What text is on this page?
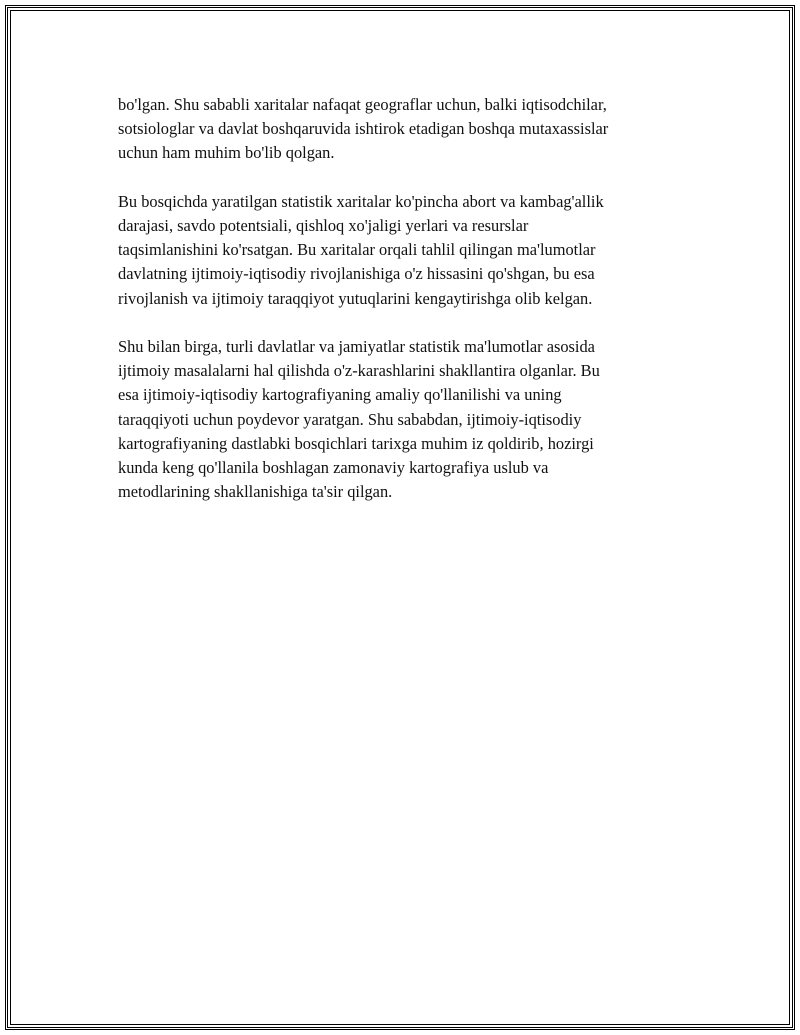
bo'lgan. Shu sababli xaritalar nafaqat geograflar uchun, balki iqtisodchilar,
sotsiologlar va davlat boshqaruvida ishtirok etadigan boshqa mutaxassislar
uchun ham muhim bo'lib qolgan.

Bu bosqichda yaratilgan statistik xaritalar ko'pincha abort va kambag'allik
darajasi, savdo potentsiali, qishloq xo'jaligi yerlari va resurslar
taqsimlanishini ko'rsatgan. Bu xaritalar orqali tahlil qilingan ma'lumotlar
davlatning ijtimoiy-iqtisodiy rivojlanishiga o'z hissasini qo'shgan, bu esa
rivojlanish va ijtimoiy taraqqiyot yutuqlarini kengaytirishga olib kelgan.

Shu bilan birga, turli davlatlar va jamiyatlar statistik ma'lumotlar asosida
ijtimoiy masalalarni hal qilishda o'z-karashlarini shakllantira olganlar. Bu
esa ijtimoiy-iqtisodiy kartografiyaning amaliy qo'llanilishi va uning
taraqqiyoti uchun poydevor yaratgan. Shu sababdan, ijtimoiy-iqtisodiy
kartografiyaning dastlabki bosqichlari tarixga muhim iz qoldirib, hozirgi
kunda keng qo'llanila boshlagan zamonaviy kartografiya uslub va
metodlarining shakllanishiga ta'sir qilgan.
